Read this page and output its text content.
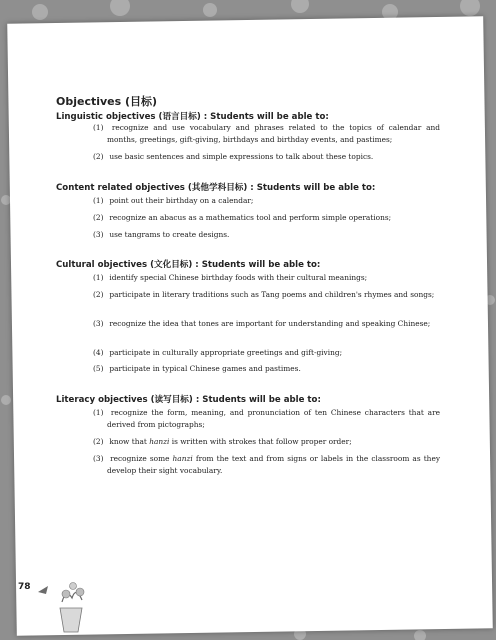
Objectives (目标)
Linguistic objectives (语言目标) : Students will be able to:
(1) recognize and use vocabulary and phrases related to the topics of calendar and months, greetings, gift-giving, birthdays and birthday events, and pastimes;
(2) use basic sentences and simple expressions to talk about these topics.
Content related objectives (其他学科目标) : Students will be able to:
(1) point out their birthday on a calendar;
(2) recognize an abacus as a mathematics tool and perform simple operations;
(3) use tangrams to create designs.
Cultural objectives (文化目标) : Students will be able to:
(1) identify special Chinese birthday foods with their cultural meanings;
(2) participate in literary traditions such as Tang poems and children's rhymes and songs;
(3) recognize the idea that tones are important for understanding and speaking Chinese;
(4) participate in culturally appropriate greetings and gift-giving;
(5) participate in typical Chinese games and pastimes.
Literacy objectives (读写目标) : Students will be able to:
(1) recognize the form, meaning, and pronunciation of ten Chinese characters that are derived from pictographs;
(2) know that hanzi is written with strokes that follow proper order;
(3) recognize some hanzi from the text and from signs or labels in the classroom as they develop their sight vocabulary.
78
